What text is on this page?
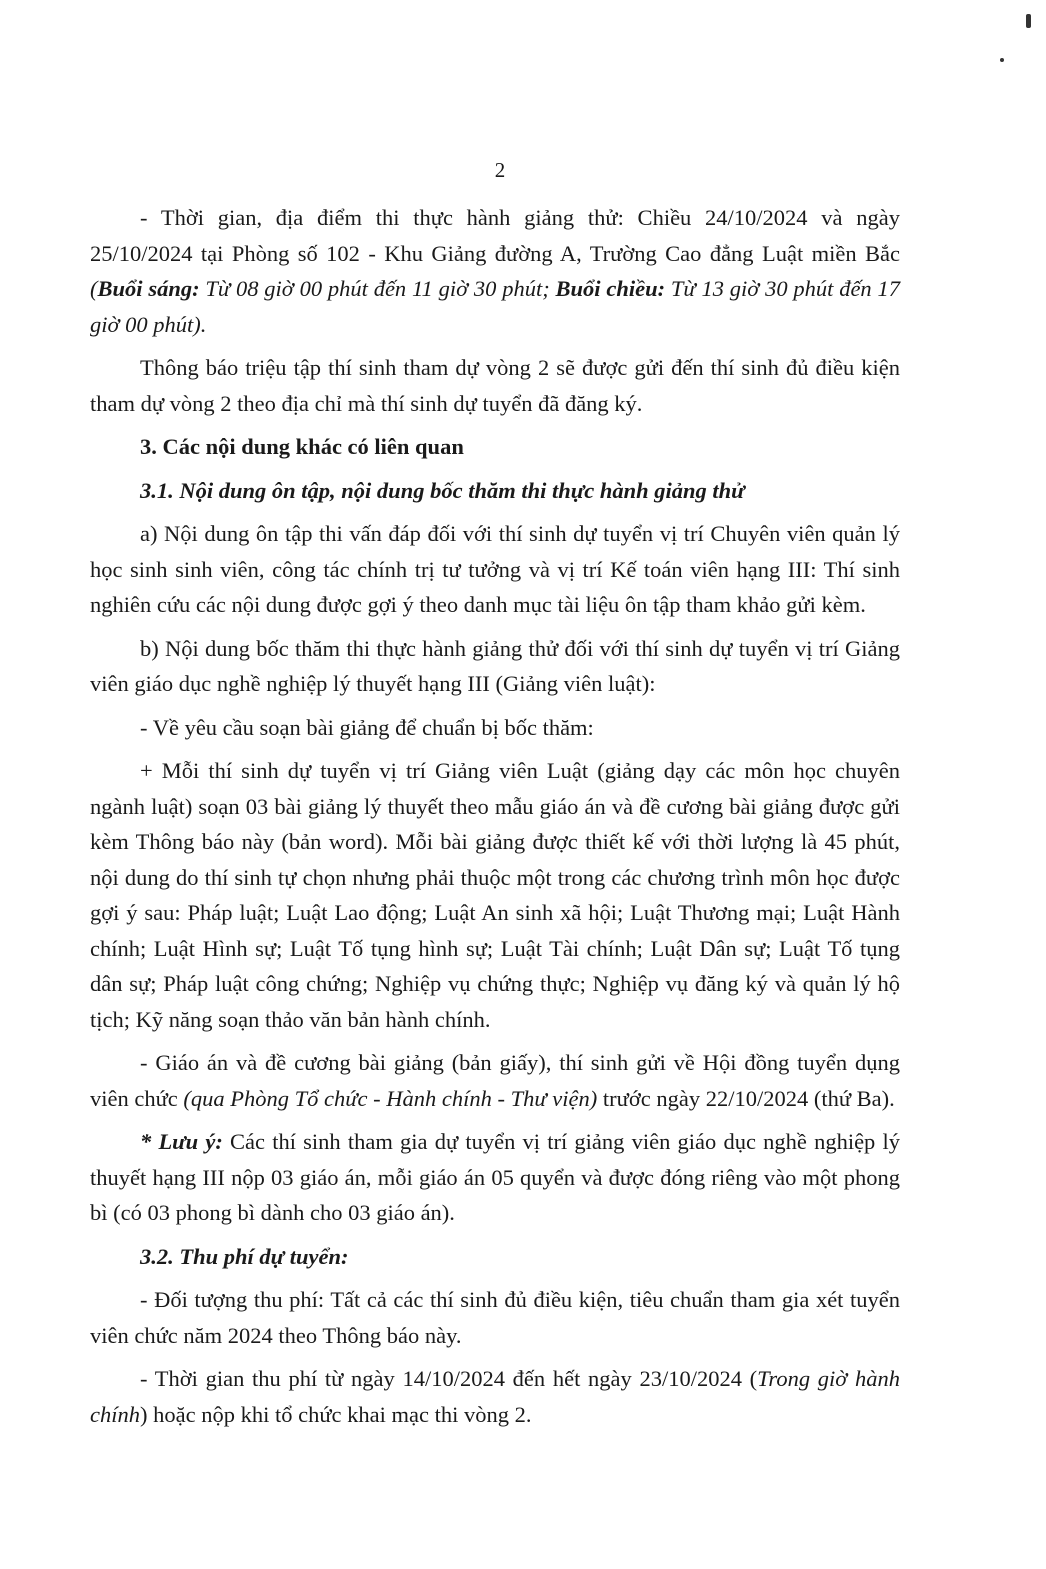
2

- Thời gian, địa điểm thi thực hành giảng thử: Chiều 24/10/2024 và ngày 25/10/2024 tại Phòng số 102 - Khu Giảng đường A, Trường Cao đẳng Luật miền Bắc (Buổi sáng: Từ 08 giờ 00 phút đến 11 giờ 30 phút; Buổi chiều: Từ 13 giờ 30 phút đến 17 giờ 00 phút).

Thông báo triệu tập thí sinh tham dự vòng 2 sẽ được gửi đến thí sinh đủ điều kiện tham dự vòng 2 theo địa chỉ mà thí sinh dự tuyển đã đăng ký.

3. Các nội dung khác có liên quan
3.1. Nội dung ôn tập, nội dung bốc thăm thi thực hành giảng thử

a) Nội dung ôn tập thi vấn đáp đối với thí sinh dự tuyển vị trí Chuyên viên quản lý học sinh sinh viên, công tác chính trị tư tưởng và vị trí Kế toán viên hạng III: Thí sinh nghiên cứu các nội dung được gợi ý theo danh mục tài liệu ôn tập tham khảo gửi kèm.

b) Nội dung bốc thăm thi thực hành giảng thử đối với thí sinh dự tuyển vị trí Giảng viên giáo dục nghề nghiệp lý thuyết hạng III (Giảng viên luật):

- Về yêu cầu soạn bài giảng để chuẩn bị bốc thăm:

+ Mỗi thí sinh dự tuyển vị trí Giảng viên Luật (giảng dạy các môn học chuyên ngành luật) soạn 03 bài giảng lý thuyết theo mẫu giáo án và đề cương bài giảng được gửi kèm Thông báo này (bản word). Mỗi bài giảng được thiết kế với thời lượng là 45 phút, nội dung do thí sinh tự chọn nhưng phải thuộc một trong các chương trình môn học được gợi ý sau: Pháp luật; Luật Lao động; Luật An sinh xã hội; Luật Thương mại; Luật Hành chính; Luật Hình sự; Luật Tố tụng hình sự; Luật Tài chính; Luật Dân sự; Luật Tố tụng dân sự; Pháp luật công chứng; Nghiệp vụ chứng thực; Nghiệp vụ đăng ký và quản lý hộ tịch; Kỹ năng soạn thảo văn bản hành chính.

- Giáo án và đề cương bài giảng (bản giấy), thí sinh gửi về Hội đồng tuyển dụng viên chức (qua Phòng Tổ chức - Hành chính - Thư viện) trước ngày 22/10/2024 (thứ Ba).

* Lưu ý: Các thí sinh tham gia dự tuyển vị trí giảng viên giáo dục nghề nghiệp lý thuyết hạng III nộp 03 giáo án, mỗi giáo án 05 quyển và được đóng riêng vào một phong bì (có 03 phong bì dành cho 03 giáo án).

3.2. Thu phí dự tuyển:

- Đối tượng thu phí: Tất cả các thí sinh đủ điều kiện, tiêu chuẩn tham gia xét tuyển viên chức năm 2024 theo Thông báo này.

- Thời gian thu phí từ ngày 14/10/2024 đến hết ngày 23/10/2024 (Trong giờ hành chính) hoặc nộp khi tổ chức khai mạc thi vòng 2.
